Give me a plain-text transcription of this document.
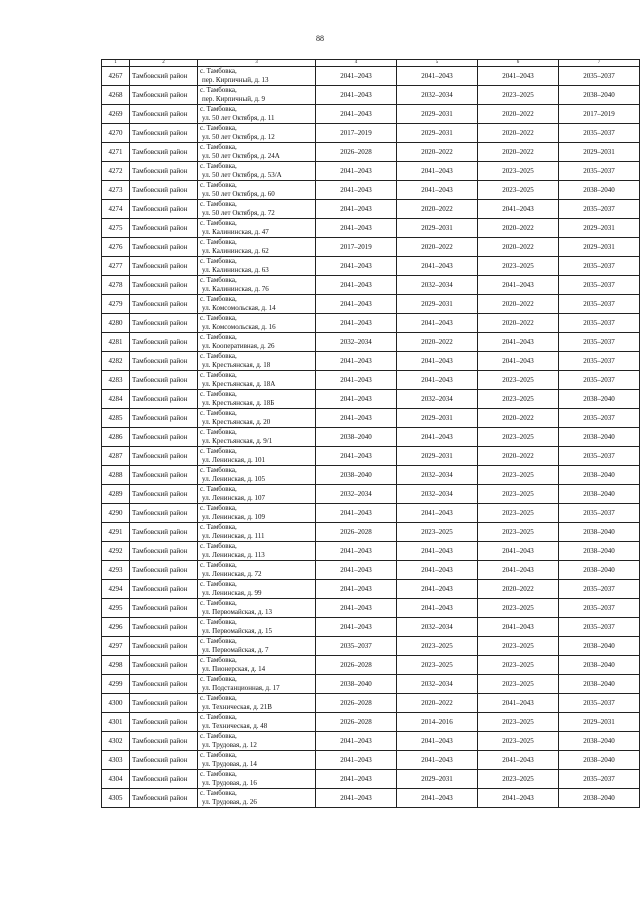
88
1	2	3	4	5	6	7
4267	Тамбовский район	с. Тамбовка,
пер. Кирпичный, д. 13	2041–2043	2041–2043	2041–2043	2035–2037
4268	Тамбовский район	с. Тамбовка,
пер. Кирпичный, д. 9	2041–2043	2032–2034	2023–2025	2038–2040
4269	Тамбовский район	с. Тамбовка,
ул. 50 лет Октября, д. 11	2041–2043	2029–2031	2020–2022	2017–2019
4270	Тамбовский район	с. Тамбовка,
ул. 50 лет Октября, д. 12	2017–2019	2029–2031	2020–2022	2035–2037
4271	Тамбовский район	с. Тамбовка,
ул. 50 лет Октября, д. 24А	2026–2028	2020–2022	2020–2022	2029–2031
4272	Тамбовский район	с. Тамбовка,
ул. 50 лет Октября, д. 53/А	2041–2043	2041–2043	2023–2025	2035–2037
4273	Тамбовский район	с. Тамбовка,
ул. 50 лет Октября, д. 60	2041–2043	2041–2043	2023–2025	2038–2040
4274	Тамбовский район	с. Тамбовка,
ул. 50 лет Октября, д. 72	2041–2043	2020–2022	2041–2043	2035–2037
4275	Тамбовский район	с. Тамбовка,
ул. Калининская, д. 47	2041–2043	2029–2031	2020–2022	2029–2031
4276	Тамбовский район	с. Тамбовка,
ул. Калининская, д. 62	2017–2019	2020–2022	2020–2022	2029–2031
4277	Тамбовский район	с. Тамбовка,
ул. Калининская, д. 63	2041–2043	2041–2043	2023–2025	2035–2037
4278	Тамбовский район	с. Тамбовка,
ул. Калининская, д. 76	2041–2043	2032–2034	2041–2043	2035–2037
4279	Тамбовский район	с. Тамбовка,
ул. Комсомольская, д. 14	2041–2043	2029–2031	2020–2022	2035–2037
4280	Тамбовский район	с. Тамбовка,
ул. Комсомольская, д. 16	2041–2043	2041–2043	2020–2022	2035–2037
4281	Тамбовский район	с. Тамбовка,
ул. Кооперативная, д. 26	2032–2034	2020–2022	2041–2043	2035–2037
4282	Тамбовский район	с. Тамбовка,
ул. Крестьянская, д. 18	2041–2043	2041–2043	2041–2043	2035–2037
4283	Тамбовский район	с. Тамбовка,
ул. Крестьянская, д. 18А	2041–2043	2041–2043	2023–2025	2035–2037
4284	Тамбовский район	с. Тамбовка,
ул. Крестьянская, д. 18Б	2041–2043	2032–2034	2023–2025	2038–2040
4285	Тамбовский район	с. Тамбовка,
ул. Крестьянская, д. 20	2041–2043	2029–2031	2020–2022	2035–2037
4286	Тамбовский район	с. Тамбовка,
ул. Крестьянская, д. 9/1	2038–2040	2041–2043	2023–2025	2038–2040
4287	Тамбовский район	с. Тамбовка,
ул. Ленинская, д. 101	2041–2043	2029–2031	2020–2022	2035–2037
4288	Тамбовский район	с. Тамбовка,
ул. Ленинская, д. 105	2038–2040	2032–2034	2023–2025	2038–2040
4289	Тамбовский район	с. Тамбовка,
ул. Ленинская, д. 107	2032–2034	2032–2034	2023–2025	2038–2040
4290	Тамбовский район	с. Тамбовка,
ул. Ленинская, д. 109	2041–2043	2041–2043	2023–2025	2035–2037
4291	Тамбовский район	с. Тамбовка,
ул. Ленинская, д. 111	2026–2028	2023–2025	2023–2025	2038–2040
4292	Тамбовский район	с. Тамбовка,
ул. Ленинская, д. 113	2041–2043	2041–2043	2041–2043	2038–2040
4293	Тамбовский район	с. Тамбовка,
ул. Ленинская, д. 72	2041–2043	2041–2043	2041–2043	2038–2040
4294	Тамбовский район	с. Тамбовка,
ул. Ленинская, д. 99	2041–2043	2041–2043	2020–2022	2035–2037
4295	Тамбовский район	с. Тамбовка,
ул. Первомайская, д. 13	2041–2043	2041–2043	2023–2025	2035–2037
4296	Тамбовский район	с. Тамбовка,
ул. Первомайская, д. 15	2041–2043	2032–2034	2041–2043	2035–2037
4297	Тамбовский район	с. Тамбовка,
ул. Первомайская, д. 7	2035–2037	2023–2025	2023–2025	2038–2040
4298	Тамбовский район	с. Тамбовка,
ул. Пионерская, д. 14	2026–2028	2023–2025	2023–2025	2038–2040
4299	Тамбовский район	с. Тамбовка,
ул. Подстанционная, д. 17	2038–2040	2032–2034	2023–2025	2038–2040
4300	Тамбовский район	с. Тамбовка,
ул. Техническая, д. 21В	2026–2028	2020–2022	2041–2043	2035–2037
4301	Тамбовский район	с. Тамбовка,
ул. Техническая, д. 48	2026–2028	2014–2016	2023–2025	2029–2031
4302	Тамбовский район	с. Тамбовка,
ул. Трудовая, д. 12	2041–2043	2041–2043	2023–2025	2038–2040
4303	Тамбовский район	с. Тамбовка,
ул. Трудовая, д. 14	2041–2043	2041–2043	2041–2043	2038–2040
4304	Тамбовский район	с. Тамбовка,
ул. Трудовая, д. 16	2041–2043	2029–2031	2023–2025	2035–2037
4305	Тамбовский район	с. Тамбовка,
ул. Трудовая, д. 26	2041–2043	2041–2043	2041–2043	2038–2040
